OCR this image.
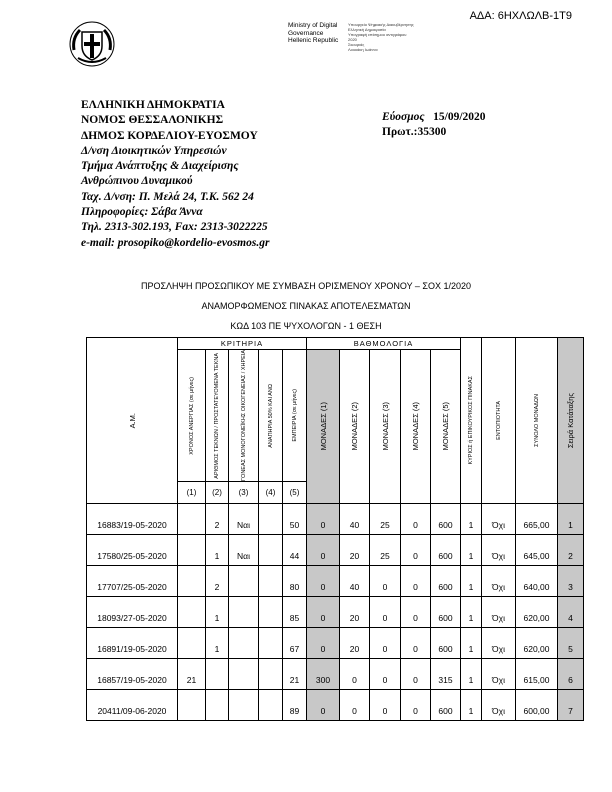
ΑΔΑ: 6ΗΧΛΩΛΒ-1Τ9
Ministry of Digital
Governance
Hellenic Republic
Υπουργείο Ψηφιακής Διακυβέρνησης
Ελληνική Δημοκρατία
Υπογραφή επίσημου αντιγράφου
2020
Σκουριάς
Λουκάκη Ιωάννα
ΕΛΛΗΝΙΚΗ ΔΗΜΟΚΡΑΤΙΑ
ΝΟΜΟΣ ΘΕΣΣΑΛΟΝΙΚΗΣ
ΔΗΜΟΣ ΚΟΡΔΕΛΙΟΥ-ΕΥΟΣΜΟΥ
Δ/νση Διοικητικών Υπηρεσιών
Τμήμα Ανάπτυξης & Διαχείρισης
Ανθρώπινου Δυναμικού
Ταχ. Δ/νση: Π. Μελά 24, Τ.Κ. 562 24
Πληροφορίες: Σάβα Άννα
Τηλ. 2313-302.193, Fax: 2313-3022225
e-mail: prosopiko@kordelio-evosmos.gr
Εύοσμος 15/09/2020
Πρωτ.:35300
ΠΡΟΣΛΗΨΗ ΠΡΟΣΩΠΙΚΟΥ ΜΕ ΣΥΜΒΑΣΗ ΟΡΙΣΜΕΝΟΥ ΧΡΟΝΟΥ – ΣΟΧ 1/2020
ΑΝΑΜΟΡΦΩΜΕΝΟΣ ΠΙΝΑΚΑΣ ΑΠΟΤΕΛΕΣΜΑΤΩΝ
ΚΩΔ 103 ΠΕ ΨΥΧΟΛΟΓΩΝ - 1 ΘΕΣΗ
Α.Μ.	ΚΡΙΤΗΡΙΑ					ΒΑΘΜΟΛΟΓΙΑ					ΚΥΡΙΟΣ ή ΕΠΙΚΟΥΡΙΚΟΣ ΠΙΝΑΚΑΣ	ΕΝΤΟΠΙΟΤΗΤΑ	ΣΥΝΟΛΟ ΜΟΝΑΔΩΝ	Σειρά Κατάταξης

	ΧΡΟΝΟΣ ΑΝΕΡΓΙΑΣ (σε μήνες)	ΑΡΙΘΜΟΣ ΤΕΚΝΩΝ / ΠΡΟΣΤΑΤΕΥΟΜΕΝΑ ΤΕΚΝΑ	ΓΟΝΕΑΣ ΜΟΝΟΓΟΝΕΪΚΗΣ ΟΙΚΟΓΕΝΕΙΑΣ / ΧΗΡΕΙΑ	ΑΝΑΠΗΡΙΑ 50% ΚΑΙ ΑΝΩ	ΕΜΠΕΙΡΙΑ (σε μήνες)	ΜΟΝΑΔΕΣ (1)	ΜΟΝΑΔΕΣ (2)	ΜΟΝΑΔΕΣ (3)	ΜΟΝΑΔΕΣ (4)	ΜΟΝΑΔΕΣ (5)				

	(1)	(2)	(3)	(4)	(5)									
16883/19-05-2020		2	Ναι		50	0	40	25	0	600	1	Όχι	665,00	1
17580/25-05-2020		1	Ναι		44	0	20	25	0	600	1	Όχι	645,00	2
17707/25-05-2020		2			80	0	40	0	0	600	1	Όχι	640,00	3
18093/27-05-2020		1			85	0	20	0	0	600	1	Όχι	620,00	4
16891/19-05-2020		1			67	0	20	0	0	600	1	Όχι	620,00	5
16857/19-05-2020	21				21	300	0	0	0	315	1	Όχι	615,00	6
20411/09-06-2020					89	0	0	0	0	600	1	Όχι	600,00	7
